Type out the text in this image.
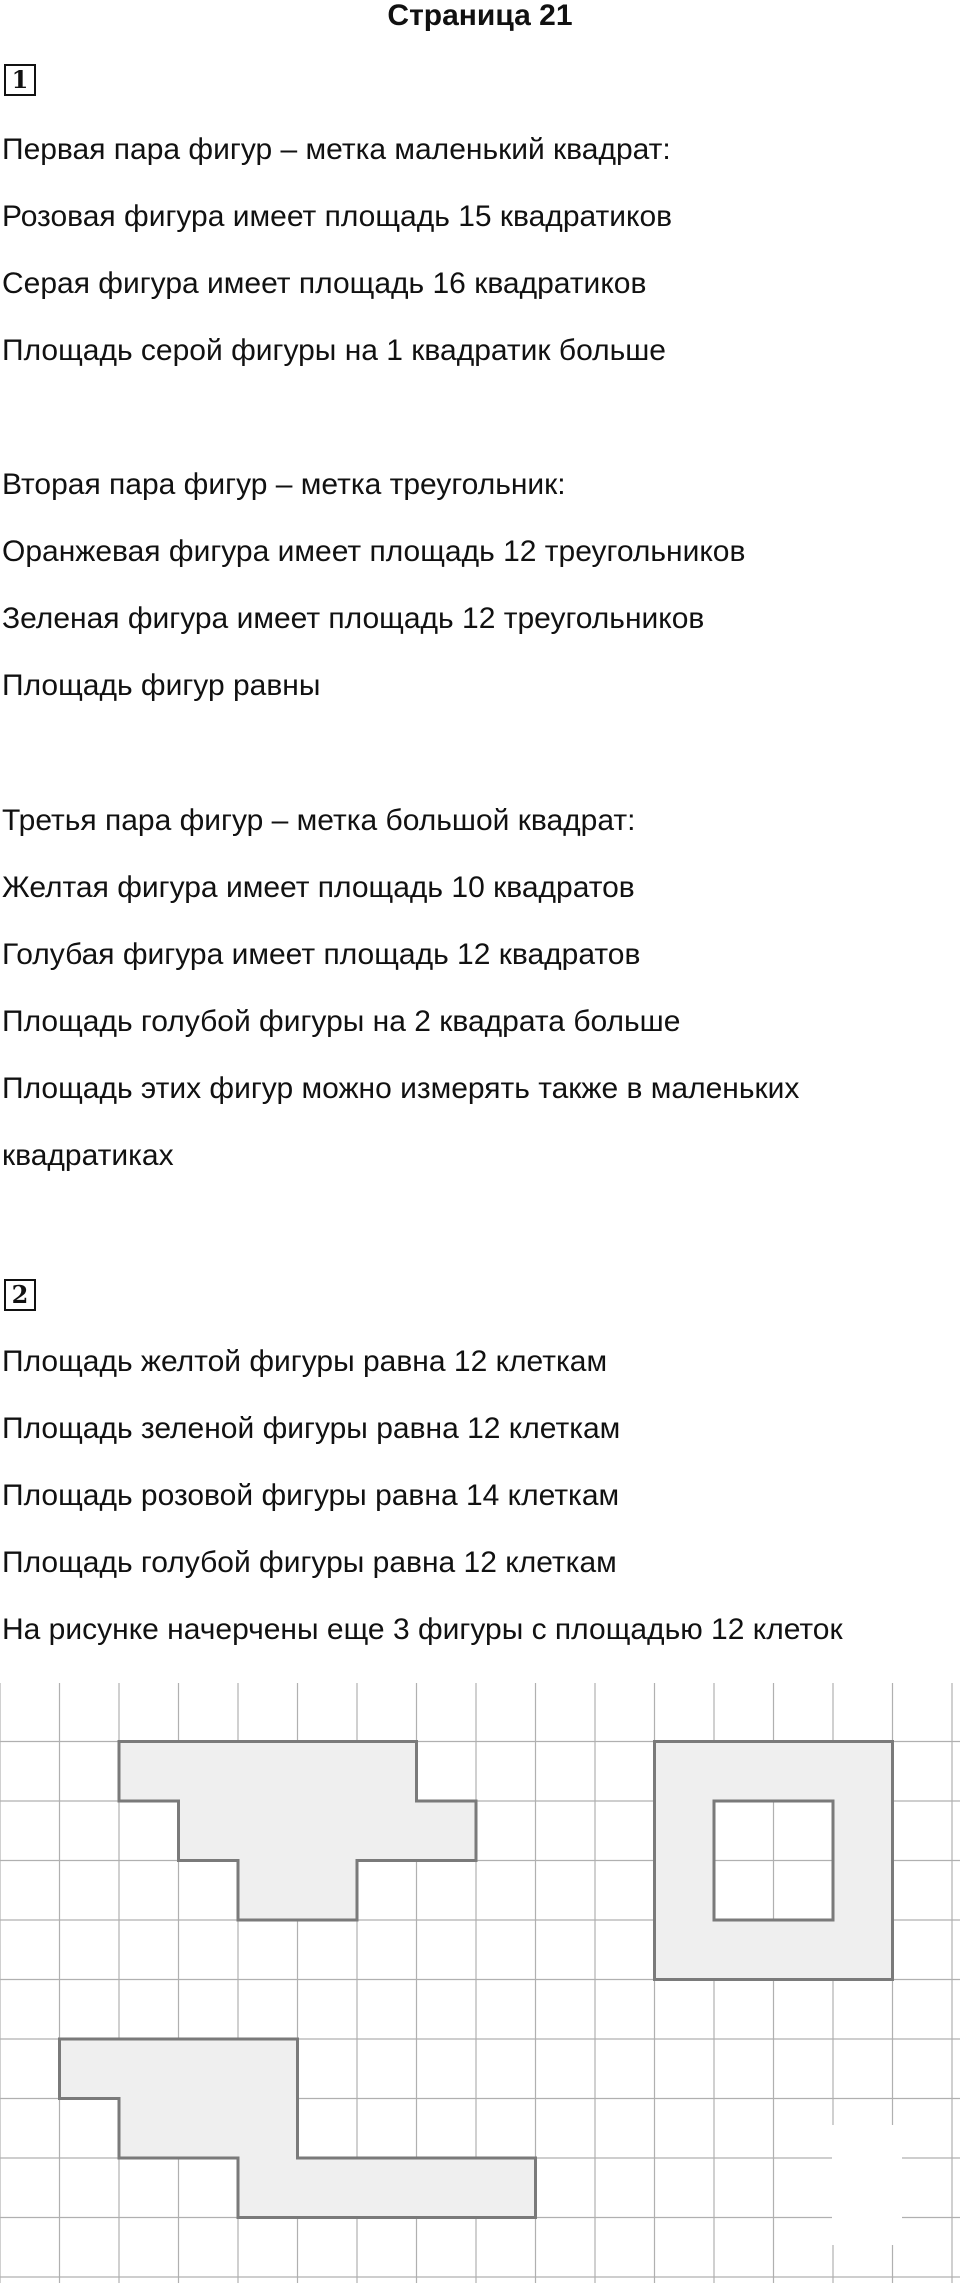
Страница 21
1
Первая пара фигур – метка маленький квадрат:
Розовая фигура имеет площадь 15 квадратиков
Серая фигура имеет площадь 16 квадратиков
Площадь серой фигуры на 1 квадратик больше
Вторая пара фигур – метка треугольник:
Оранжевая фигура имеет площадь 12 треугольников
Зеленая фигура имеет площадь 12 треугольников
Площадь фигур равны
Третья пара фигур – метка большой квадрат:
Желтая фигура имеет площадь 10 квадратов
Голубая фигура имеет площадь 12 квадратов
Площадь голубой фигуры на 2 квадрата больше
Площадь этих фигур можно измерять также в маленьких
квадратиках
2
Площадь желтой фигуры равна 12 клеткам
Площадь зеленой фигуры равна 12 клеткам
Площадь розовой фигуры равна 14 клеткам
Площадь голубой фигуры равна 12 клеткам
На рисунке начерчены еще 3 фигуры с площадью 12 клеток
